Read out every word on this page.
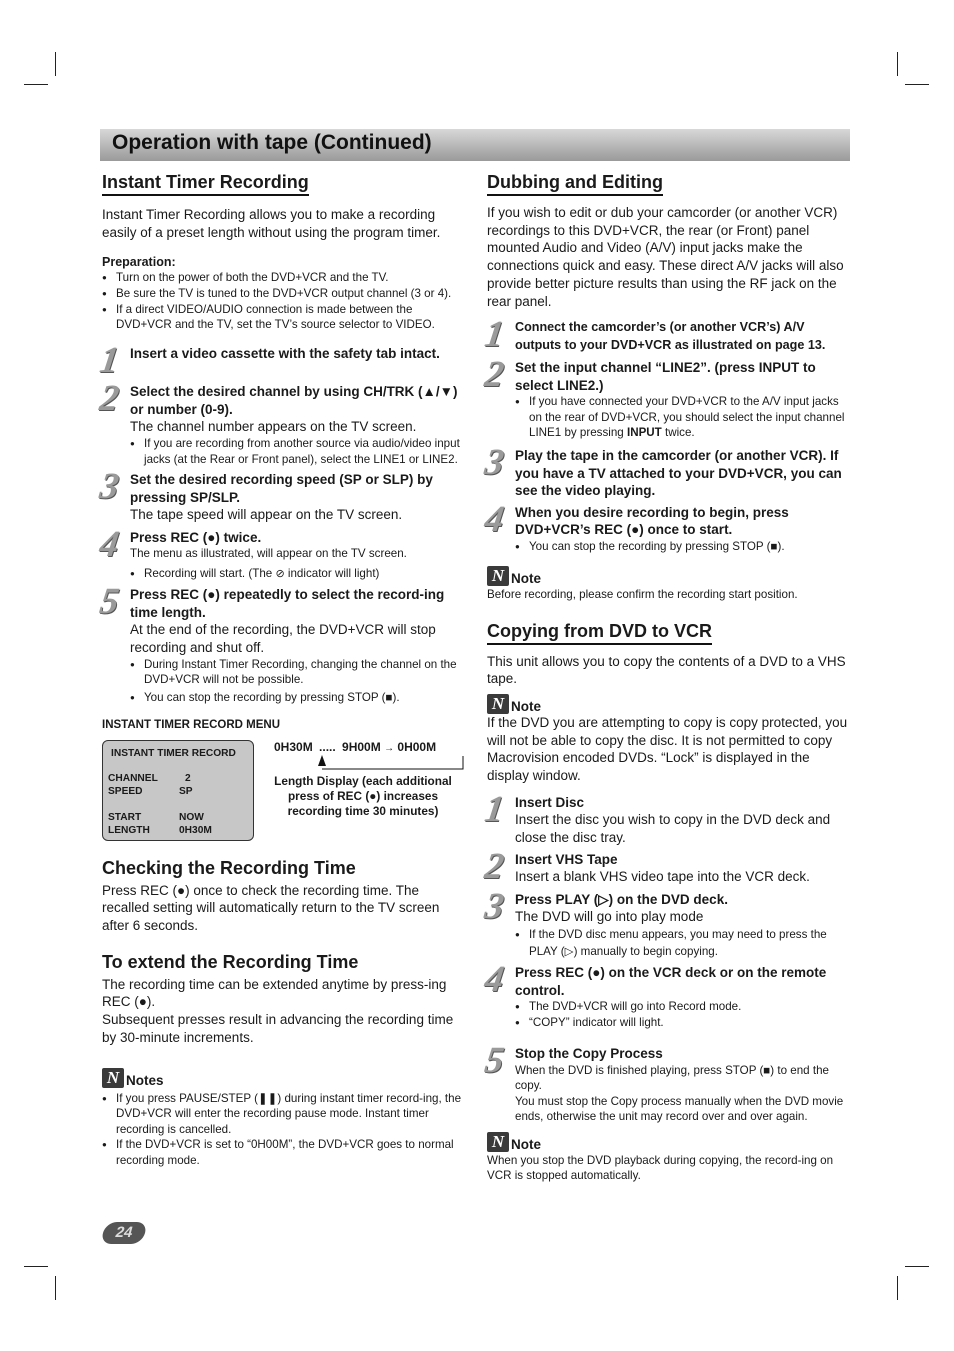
Operation with tape (Continued)
Instant Timer Recording

Instant Timer Recording allows you to make a recording easily of a preset length without using the program timer.

Preparation:

● Turn on the power of both the DVD+VCR and the TV.
● Be sure the TV is tuned to the DVD+VCR output channel (3 or 4).
● If a direct VIDEO/AUDIO connection is made between the DVD+VCR and the TV, set the TV’s source selector to VIDEO.
1 Insert a video cassette with the safety tab intact.

2 Select the desired channel by using CH/TRK (▲/▼) or number (0-9).

The channel number appears on the TV screen.

● If you are recording from another source via audio/video input jacks (at the Rear or Front panel), select the LINE1 or LINE2.
3 Set the desired recording speed (SP or SLP) by pressing SP/SLP.

The tape speed will appear on the TV screen.

4 Press REC (●) twice.

The menu as illustrated, will appear on the TV screen.

● Recording will start. (The ⊘ indicator will light)
5 Press REC (●) repeatedly to select the record-ing time length.

At the end of the recording, the DVD+VCR will stop recording and shut off.

● During Instant Timer Recording, changing the channel on the DVD+VCR will not be possible.
● You can stop the recording by pressing STOP (■).

INSTANT TIMER RECORD MENU

INSTANT TIMER RECORD
CHANNEL	2
SPEED	SP
START	NOW
LENGTH	0H30M
0H30M ..... 9H00M → 0H00M

Length Display (each additional press of REC (●) increases recording time 30 minutes)

Checking the Recording Time

Press REC (●) once to check the recording time. The recalled setting will automatically return to the TV screen after 6 seconds.

To extend the Recording Time

The recording time can be extended anytime by press-ing REC (●).

Subsequent presses result in advancing the recording time by 30-minute increments.

N Notes
● If you press PAUSE/STEP (❚❚) during instant timer record-ing, the DVD+VCR will enter the recording pause mode. Instant timer recording is cancelled.
● If the DVD+VCR is set to “0H00M”, the DVD+VCR goes to normal recording mode.
Dubbing and Editing

If you wish to edit or dub your camcorder (or another VCR) recordings to this DVD+VCR, the rear (or Front) panel mounted Audio and Video (A/V) input jacks make the connections quick and easy. These direct A/V jacks will also provide better picture results than using the RF jack on the rear panel.

1 Connect the camcorder’s (or another VCR’s) A/V outputs to your DVD+VCR as illustrated on page 13.

2 Set the input channel “LINE2”. (press INPUT to select LINE2.)

● If you have connected your DVD+VCR to the A/V input jacks on the rear of DVD+VCR, you should select the input channel LINE1 by pressing INPUT twice.
3 Play the tape in the camcorder (or another VCR). If you have a TV attached to your DVD+VCR, you can see the video playing.

4 When you desire recording to begin, press DVD+VCR’s REC (●) once to start.

● You can stop the recording by pressing STOP (■).
N Note

Before recording, please confirm the recording start position.

Copying from DVD to VCR

This unit allows you to copy the contents of a DVD to a VHS tape.

N Note

If the DVD you are attempting to copy is copy protected, you will not be able to copy the disc. It is not permitted to copy Macrovision encoded DVDs. “Lock” is displayed in the display window.

1 Insert Disc

Insert the disc you wish to copy in the DVD deck and close the disc tray.

2 Insert VHS Tape

Insert a blank VHS video tape into the VCR deck.

3 Press PLAY (▷) on the DVD deck.

The DVD will go into play mode

● If the DVD disc menu appears, you may need to press the PLAY (▷) manually to begin copying.
4 Press REC (●) on the VCR deck or on the remote control.

● The DVD+VCR will go into Record mode.
● “COPY” indicator will light.
5 Stop the Copy Process

When the DVD is finished playing, press STOP (■) to end the copy.

You must stop the Copy process manually when the DVD movie ends, otherwise the unit may record over and over again.

N Note

When you stop the DVD playback during copying, the record-ing on VCR is stopped automatically.

24
